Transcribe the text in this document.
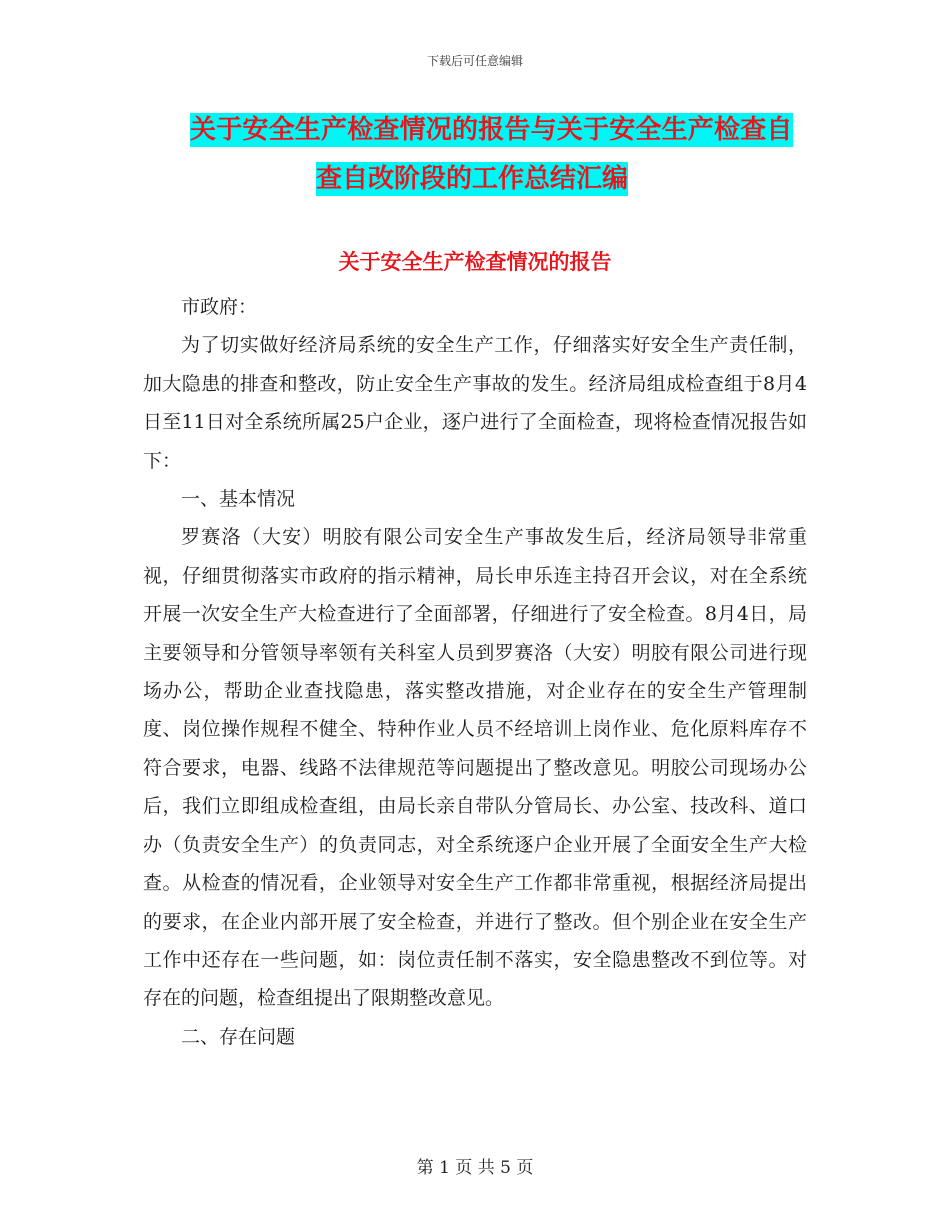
下载后可任意编辑
关于安全生产检查情况的报告与关于安全生产检查自
查自改阶段的工作总结汇编
关于安全生产检查情况的报告

市政府：

为了切实做好经济局系统的安全生产工作，仔细落实好安全生产责任制，加大隐患的排查和整改，防止安全生产事故的发生。经济局组成检查组于8月4日至11日对全系统所属25户企业，逐户进行了全面检查，现将检查情况报告如下：

一、基本情况

罗赛洛（大安）明胶有限公司安全生产事故发生后，经济局领导非常重视，仔细贯彻落实市政府的指示精神，局长申乐连主持召开会议，对在全系统开展一次安全生产大检查进行了全面部署，仔细进行了安全检查。8月4日，局主要领导和分管领导率领有关科室人员到罗赛洛（大安）明胶有限公司进行现场办公，帮助企业查找隐患，落实整改措施，对企业存在的安全生产管理制度、岗位操作规程不健全、特种作业人员不经培训上岗作业、危化原料库存不符合要求，电器、线路不法律规范等问题提出了整改意见。明胶公司现场办公后，我们立即组成检查组，由局长亲自带队分管局长、办公室、技改科、道口办（负责安全生产）的负责同志，对全系统逐户企业开展了全面安全生产大检查。从检查的情况看，企业领导对安全生产工作都非常重视，根据经济局提出的要求，在企业内部开展了安全检查，并进行了整改。但个别企业在安全生产工作中还存在一些问题，如：岗位责任制不落实，安全隐患整改不到位等。对存在的问题，检查组提出了限期整改意见。

二、存在问题

第 1 页 共 5 页
